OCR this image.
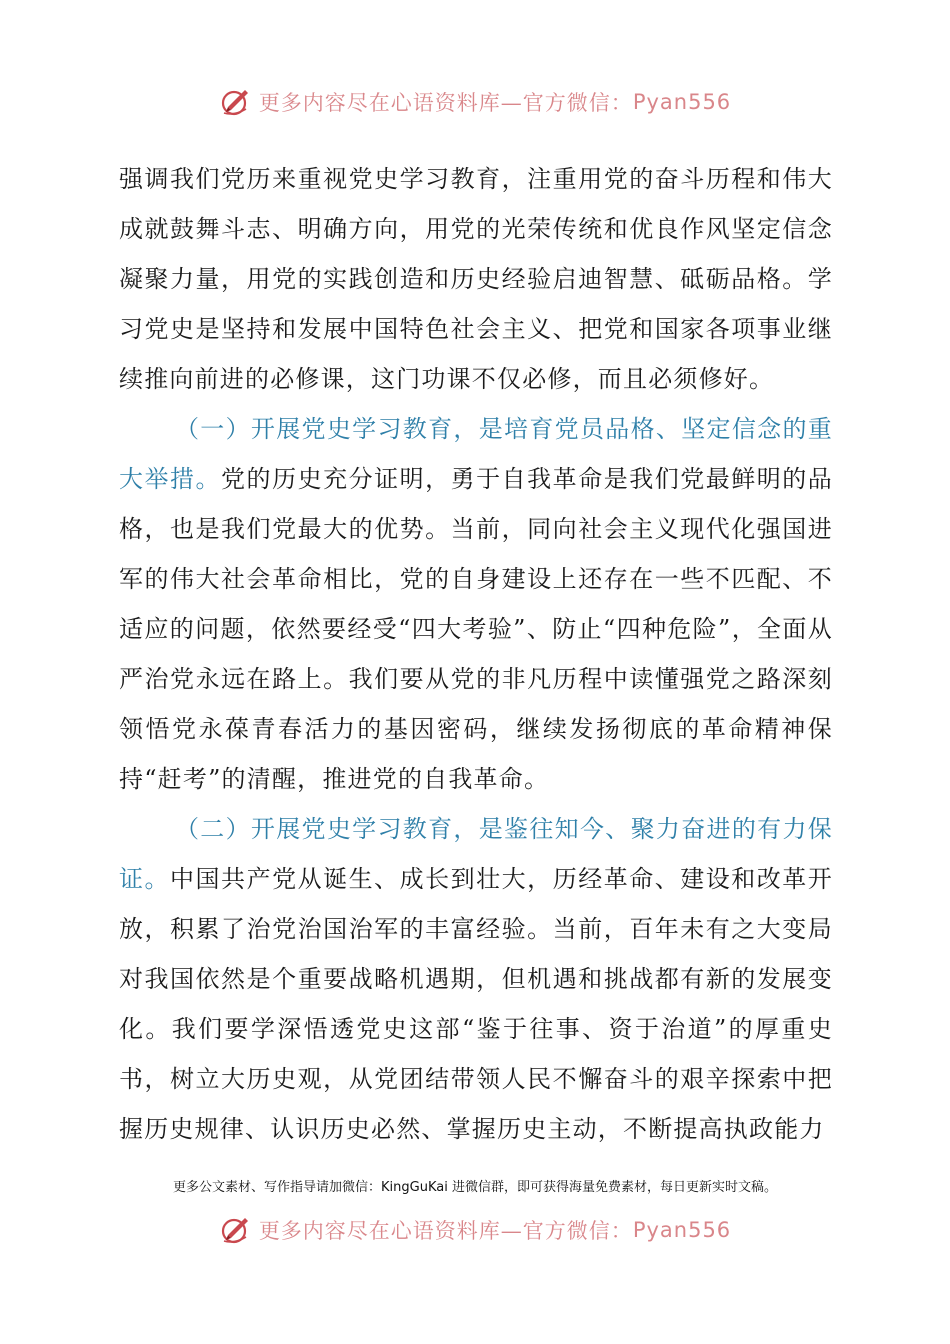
更多内容尽在心语资料库—官方微信： Pyan556

强调我们党历来重视党史学习教育，注重用党的奋斗历程和伟大成就鼓舞斗志、明确方向，用党的光荣传统和优良作风坚定信念凝聚力量，用党的实践创造和历史经验启迪智慧、砥砺品格。学习党史是坚持和发展中国特色社会主义、把党和国家各项事业继续推向前进的必修课，这门功课不仅必修，而且必须修好。

（一）开展党史学习教育，是培育党员品格、坚定信念的重大举措。党的历史充分证明，勇于自我革命是我们党最鲜明的品格，也是我们党最大的优势。当前，同向社会主义现代化强国进军的伟大社会革命相比，党的自身建设上还存在一些不匹配、不适应的问题，依然要经受“四大考验”、防止“四种危险”，全面从严治党永远在路上。我们要从党的非凡历程中读懂强党之路深刻领悟党永葆青春活力的基因密码，继续发扬彻底的革命精神保持“赶考”的清醒，推进党的自我革命。

（二）开展党史学习教育，是鉴往知今、聚力奋进的有力保证。中国共产党从诞生、成长到壮大，历经革命、建设和改革开放，积累了治党治国治军的丰富经验。当前，百年未有之大变局对我国依然是个重要战略机遇期，但机遇和挑战都有新的发展变化。我们要学深悟透党史这部“鉴于往事、资于治道”的厚重史书，树立大历史观，从党团结带领人民不懈奋斗的艰辛探索中把握历史规律、认识历史必然、掌握历史主动，不断提高执政能力

更多公文素材、写作指导请加微信：KingGuKai 进微信群，即可获得海量免费素材，每日更新实时文稿。
更多内容尽在心语资料库—官方微信： Pyan556
